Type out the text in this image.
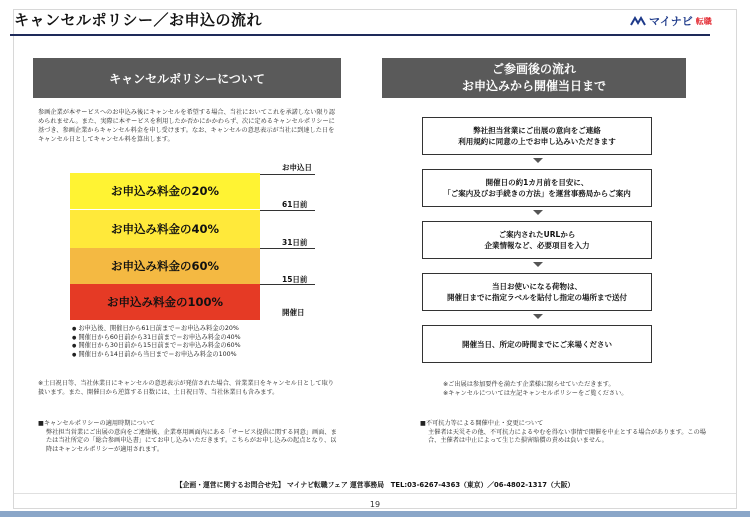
キャンセルポリシー／お申込の流れ	マイナビ 転職
キャンセルポリシーについて
参画企業が本サービスへのお申込み後にキャンセルを希望する場合、当社においてこれを承諾しない限り認められません。また、実際に本サービスを利用したか否かにかかわらず、次に定めるキャンセルポリシーに基づき、参画企業からキャンセル料金を申し受けます。なお、キャンセルの意思表示が当社に到達した日をキャンセル日としてキャンセル料を算出します。
お申込日
お申込み料金の20%
61日前
お申込み料金の40%
31日前
お申込み料金の60%
15日前
お申込み料金の100%
開催日
● お申込後、開催日から61日前まで＝お申込み料金の20%
● 開催日から60日前から31日前まで＝お申込み料金の40%
● 開催日から30日前から15日前まで＝お申込み料金の60%
● 開催日から14日前から当日まで＝お申込み料金の100%
※土日祝日等、当社休業日にキャンセルの意思表示が発信された場合、営業業日をキャンセル日として取り扱います。また、開催日から逆算する日数には、土日祝日等、当社休業日も含みます。
■キャンセルポリシーの適用時期について
弊社担当営業にご出展の意向をご連絡後、企業専用画面内にある「サービス提供に関する同意」画面、または当社所定の「総合参画申込書」にてお申し込みいただきます。こちらがお申し込みの起点となり、以降はキャンセルポリシーが適用されます。
ご参画後の流れ
お申込みから開催当日まで
弊社担当営業にご出展の意向をご連絡
利用規約に同意の上でお申し込みいただきます
開催日の約1カ月前を目安に、
「ご案内及びお手続きの方法」を運営事務局からご案内
ご案内されたURLから
企業情報など、必要項目を入力
当日お使いになる荷物は、
開催日までに指定ラベルを貼付し指定の場所まで送付
開催当日、所定の時間までにご来場ください
※ご出展は参加要件を満たす企業様に限らせていただきます。
※キャンセルについては左記キャンセルポリシーをご覧ください。
■不可抗力等による開催中止・変更について
主催者は天災その他、不可抗力によるやむを得ない事情で開催を中止とする場合があります。この場合、主催者は中止によって生じた損害賠償の責めは負いません。
【企画・運営に関するお問合せ先】 マイナビ転職フェア 運営事務局　TEL:03-6267-4363（東京）／06-4802-1317（大阪）
19
